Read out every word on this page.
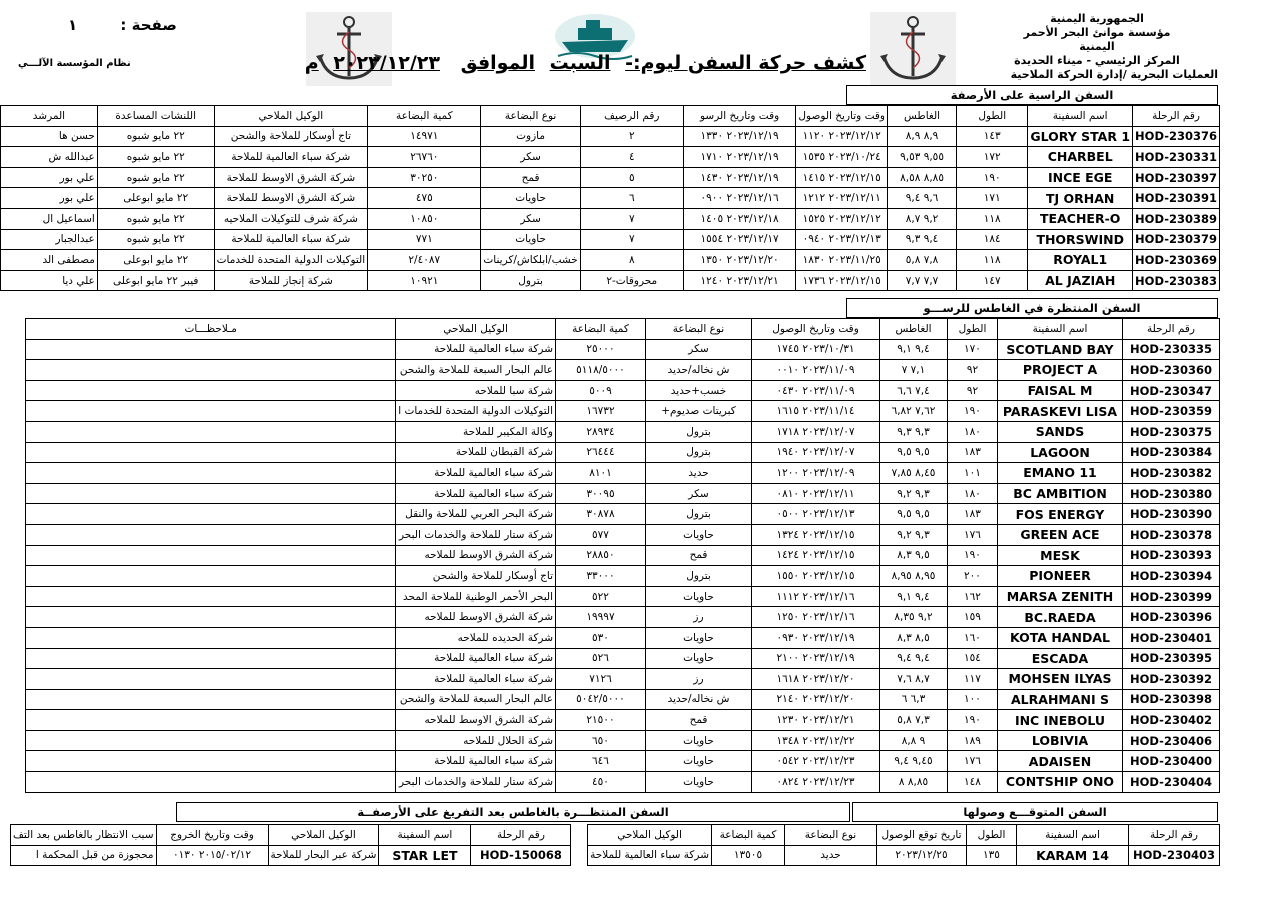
الجمهورية اليمنية
مؤسسة موانئ البحر الأحمر اليمنية
المركز الرئيسي - ميناء الحديدة
العمليات البحرية /إدارة الحركة الملاحية
صفحة : ١
نظام المؤسسة الآلـــي	كشف حركة السفن ليوم:- السبت الموافق ٢٠٢٣/١٢/٢٣ م
السفن الراسية على الأرصفة
رقم الرحلة	اسم السفينة	الطول	الغاطس	وقت وتاريخ الوصول	وقت وتاريخ الرسو	رقم الرصيف	نوع البضاعة	كمية البضاعة	الوكيل الملاحي	اللنشات المساعدة	المرشد
HOD-230376	GLORY STAR 1	١٤٣	٨,٩ ٨,٩	٢٠٢٣/١٢/١٢ ١١٢٠	٢٠٢٣/١٢/١٩ ١٣٣٠	٢	مازوت	١٤٩٧١	تاج أوسكار للملاحة والشحن	٢٢ مايو شبوه	حسن ها
HOD-230331	CHARBEL	١٧٢	٩,٥٥ ٩,٥٣	٢٠٢٣/١٠/٢٤ ١٥٣٥	٢٠٢٣/١٢/١٩ ١٧١٠	٤	سكر	٢٦٧٦٠	شركة سباء العالمية للملاحة	٢٢ مايو شبوه	عبدالله ش
HOD-230397	INCE EGE	١٩٠	٨,٨٥ ٨,٥٨	٢٠٢٣/١٢/١٥ ١٤١٥	٢٠٢٣/١٢/١٩ ١٤٣٠	٥	قمح	٣٠٢٥٠	شركة الشرق الاوسط للملاحة	٢٢ مايو شبوه	علي بور
HOD-230391	TJ ORHAN	١٧١	٩,٦ ٩,٤	٢٠٢٣/١٢/١١ ١٢١٢	٢٠٢٣/١٢/١٦ ٠٩٠٠	٦	حاويات	٤٧٥	شركة الشرق الاوسط للملاحة	٢٢ مايو ابوعلى	علي بور
HOD-230389	TEACHER-O	١١٨	٩,٢ ٨,٧	٢٠٢٣/١٢/١٢ ١٥٢٥	٢٠٢٣/١٢/١٨ ١٤٠٥	٧	سكر	١٠٨٥٠	شركة شرف للتوكيلات الملاحيه	٢٢ مايو شبوه	اسماعيل ال
HOD-230379	THORSWIND	١٨٤	٩,٤ ٩,٣	٢٠٢٣/١٢/١٣ ٠٩٤٠	٢٠٢٣/١٢/١٧ ١٥٥٤	٧	حاويات	٧٧١	شركة سباء العالمية للملاحة	٢٢ مايو شبوه	عبدالجبار
HOD-230369	ROYAL1	١١٨	٧,٨ ٥,٨	٢٠٢٣/١١/٢٥ ١٨٣٠	٢٠٢٣/١٢/٢٠ ١٣٥٠	٨	خشب/ابلكاش/كرينات	٢/٤٠٨٧	التوكيلات الدولية المتحدة للخدمات	٢٢ مايو ابوعلى	مصطفى الد
HOD-230383	AL JAZIAH	١٤٧	٧,٧ ٧,٧	٢٠٢٣/١٢/١٥ ١٧٣٦	٢٠٢٣/١٢/٢١ ١٢٤٠	محروقات-٢	بترول	١٠٩٢١	شركة إنجاز للملاحة	فيبر ٢٢ مايو ابوعلى	علي ديا
السفن المنتظرة في الغاطس للرســـو
رقم الرحلة	اسم السفينة	الطول	الغاطس	وقت وتاريخ الوصول	نوع البضاعة	كمية البضاعة	الوكيل الملاحي	مـلاحظـــات
HOD-230335	SCOTLAND BAY	١٧٠	٩,٤ ٩,١	٢٠٢٣/١٠/٣١ ١٧٤٥	سكر	٢٥٠٠٠	شركة سباء العالمية للملاحة	
HOD-230360	PROJECT A	٩٢	٧,١ ٧	٢٠٢٣/١١/٠٩ ٠٠١٠	ش نخاله/حديد	٥١١٨/٥٠٠٠	عالم البحار السبعة للملاحة والشحن	
HOD-230347	FAISAL M	٩٢	٧,٤ ٦,٦	٢٠٢٣/١١/٠٩ ٠٤٣٠	خسب+حديد	٥٠٠٩	شركة سبا للملاحه	
HOD-230359	PARASKEVI LISA	١٩٠	٧,٦٢ ٦,٨٢	٢٠٢٣/١١/١٤ ١٦١٥	كبريتات صديوم+	١٦٧٣٢	التوكيلات الدولية المتحدة للخدمات ا	
HOD-230375	SANDS	١٨٠	٩,٣ ٩,٣	٢٠٢٣/١٢/٠٧ ١٧١٨	بترول	٢٨٩٣٤	وكالة المكيبر للملاحة	
HOD-230384	LAGOON	١٨٣	٩,٥ ٩,٥	٢٠٢٣/١٢/٠٧ ١٩٤٠	بترول	٢٦٤٤٤	شركة القبطان للملاحة	
HOD-230382	EMANO 11	١٠١	٨,٤٥ ٧,٨٥	٢٠٢٣/١٢/٠٩ ١٢٠٠	حديد	٨١٠١	شركة سباء العالمية للملاحة	
HOD-230380	BC AMBITION	١٨٠	٩,٣ ٩,٢	٢٠٢٣/١٢/١١ ٠٨١٠	سكر	٣٠٠٩٥	شركة سباء العالمية للملاحة	
HOD-230390	FOS ENERGY	١٨٣	٩,٥ ٩,٥	٢٠٢٣/١٢/١٣ ٠٥٠٠	بترول	٣٠٨٧٨	شركة البحر العربي للملاحة والنقل	
HOD-230378	GREEN ACE	١٧٦	٩,٣ ٩,٢	٢٠٢٣/١٢/١٥ ١٣٢٤	حاويات	٥٧٧	شركة ستار للملاحة والخدمات البحر	
HOD-230393	MESK	١٩٠	٩,٥ ٨,٣	٢٠٢٣/١٢/١٥ ١٤٢٤	قمح	٢٨٨٥٠	شركة الشرق الاوسط للملاحه	
HOD-230394	PIONEER	٢٠٠	٨,٩٥ ٨,٩٥	٢٠٢٣/١٢/١٥ ١٥٥٠	بترول	٣٣٠٠٠	تاج أوسكار للملاحة والشحن	
HOD-230399	MARSA ZENITH	١٦٢	٩,٤ ٩,١	٢٠٢٣/١٢/١٦ ١١١٢	حاويات	٥٢٢	البحر الأحمر الوطنية للملاحة المحد	
HOD-230396	BC.RAEDA	١٥٩	٩,٢ ٨,٣٥	٢٠٢٣/١٢/١٦ ١٢٥٠	رز	١٩٩٩٧	شركة الشرق الاوسط للملاحه	
HOD-230401	KOTA HANDAL	١٦٠	٨,٥ ٨,٣	٢٠٢٣/١٢/١٩ ٠٩٣٠	حاويات	٥٣٠	شركة الحديده للملاحه	
HOD-230395	ESCADA	١٥٤	٩,٤ ٩,٤	٢٠٢٣/١٢/١٩ ٢١٠٠	حاويات	٥٢٦	شركة سباء العالمية للملاحة	
HOD-230392	MOHSEN ILYAS	١١٧	٨,٧ ٧,٦	٢٠٢٣/١٢/٢٠ ١٦١٨	رز	٧١٢٦	شركة سباء العالمية للملاحة	
HOD-230398	ALRAHMANI S	١٠٠	٦,٣ ٦	٢٠٢٣/١٢/٢٠ ٢١٤٠	ش نخاله/حديد	٥٠٤٢/٥٠٠٠	عالم البحار السبعة للملاحة والشحن	
HOD-230402	INC INEBOLU	١٩٠	٧,٣ ٥,٨	٢٠٢٣/١٢/٢١ ١٢٣٠	قمح	٢١٥٠٠	شركة الشرق الاوسط للملاحه	
HOD-230406	LOBIVIA	١٨٩	٩ ٨,٨	٢٠٢٣/١٢/٢٢ ١٣٤٨	حاويات	٦٥٠	شركة الحلال للملاحه	
HOD-230400	ADAISEN	١٧٦	٩,٤٥ ٩,٤	٢٠٢٣/١٢/٢٣ ٠٥٤٢	حاويات	٦٤٦	شركة سباء العالمية للملاحة	
HOD-230404	CONTSHIP ONO	١٤٨	٨,٨٥ ٨	٢٠٢٣/١٢/٢٣ ٠٨٢٤	حاويات	٤٥٠	شركة ستار للملاحة والخدمات البحر	
السفن المتوقـــع وصولها
رقم الرحلة	اسم السفينة	الطول	تاريخ توقع الوصول	نوع البضاعة	كمية البضاعة	الوكيل الملاحي
HOD-230403	KARAM 14	١٣٥	٢٠٢٣/١٢/٢٥	حديد	١٣٥٠٥	شركة سباء العالمية للملاحة
السفن المنتظـــرة بالغاطس بعد التفريغ على الأرصفــة
رقم الرحلة	اسم السفينة	الوكيل الملاحي	وقت وتاريخ الخروج	سبب الانتظار بالغاطس بعد التف
HOD-150068	STAR LET	شركة عبر البحار للملاحة	٢٠١٥/٠٢/١٢ ٠١٣٠	محجوزة من قبل المحكمة ا
